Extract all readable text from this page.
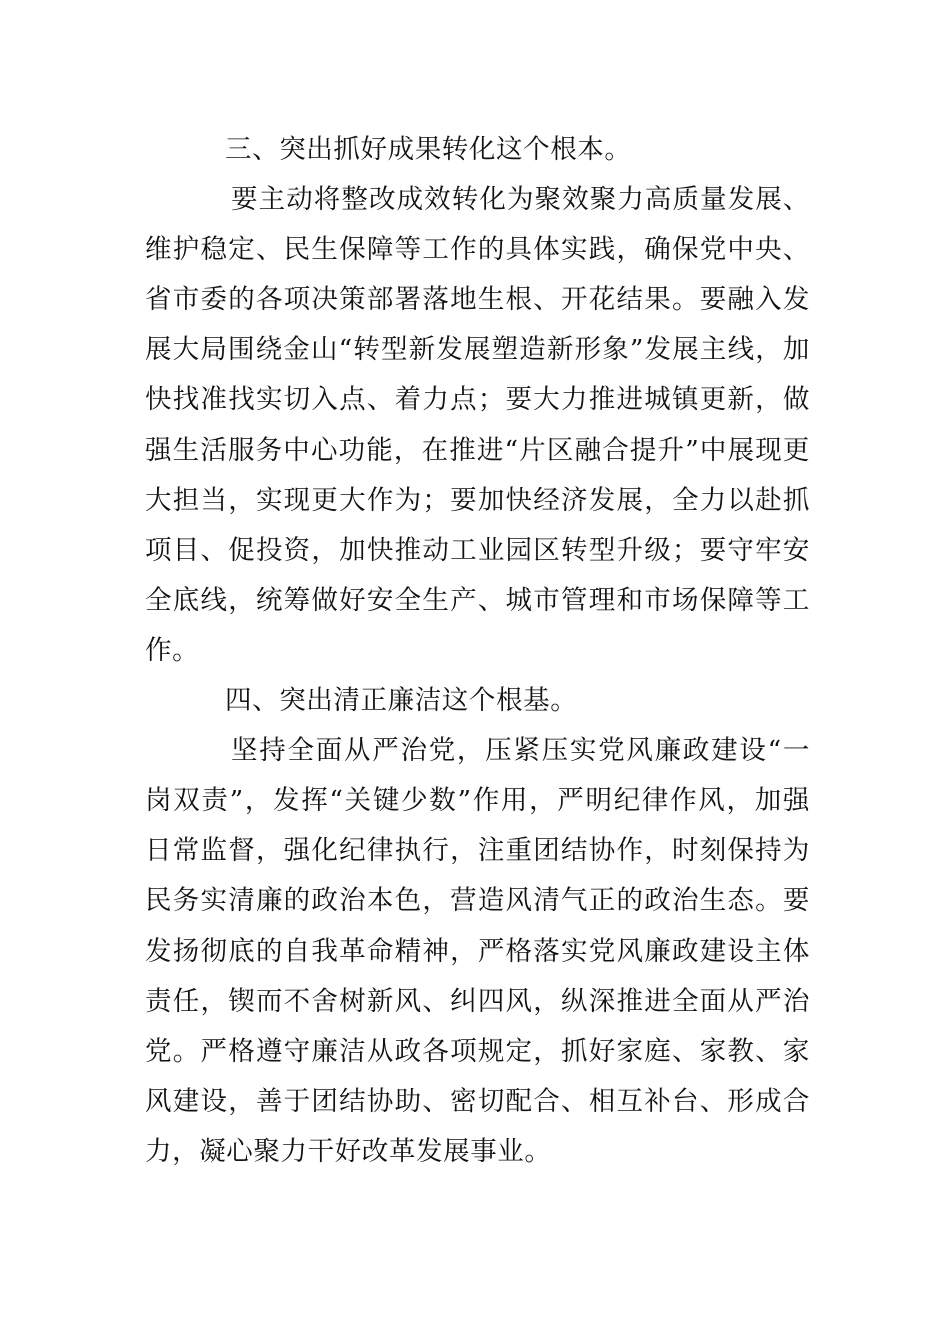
三、突出抓好成果转化这个根本。

要主动将整改成效转化为聚效聚力高质量发展、维护稳定、民生保障等工作的具体实践，确保党中央、省市委的各项决策部署落地生根、开花结果。要融入发展大局围绕金山“转型新发展塑造新形象”发展主线，加快找准找实切入点、着力点；要大力推进城镇更新，做强生活服务中心功能，在推进“片区融合提升”中展现更大担当，实现更大作为；要加快经济发展，全力以赴抓项目、促投资，加快推动工业园区转型升级；要守牢安全底线，统筹做好安全生产、城市管理和市场保障等工作。

四、突出清正廉洁这个根基。

坚持全面从严治党，压紧压实党风廉政建设“一岗双责”，发挥“关键少数”作用，严明纪律作风，加强日常监督，强化纪律执行，注重团结协作，时刻保持为民务实清廉的政治本色，营造风清气正的政治生态。要发扬彻底的自我革命精神，严格落实党风廉政建设主体责任，锲而不舍树新风、纠四风，纵深推进全面从严治党。严格遵守廉洁从政各项规定，抓好家庭、家教、家风建设，善于团结协助、密切配合、相互补台、形成合力，凝心聚力干好改革发展事业。
